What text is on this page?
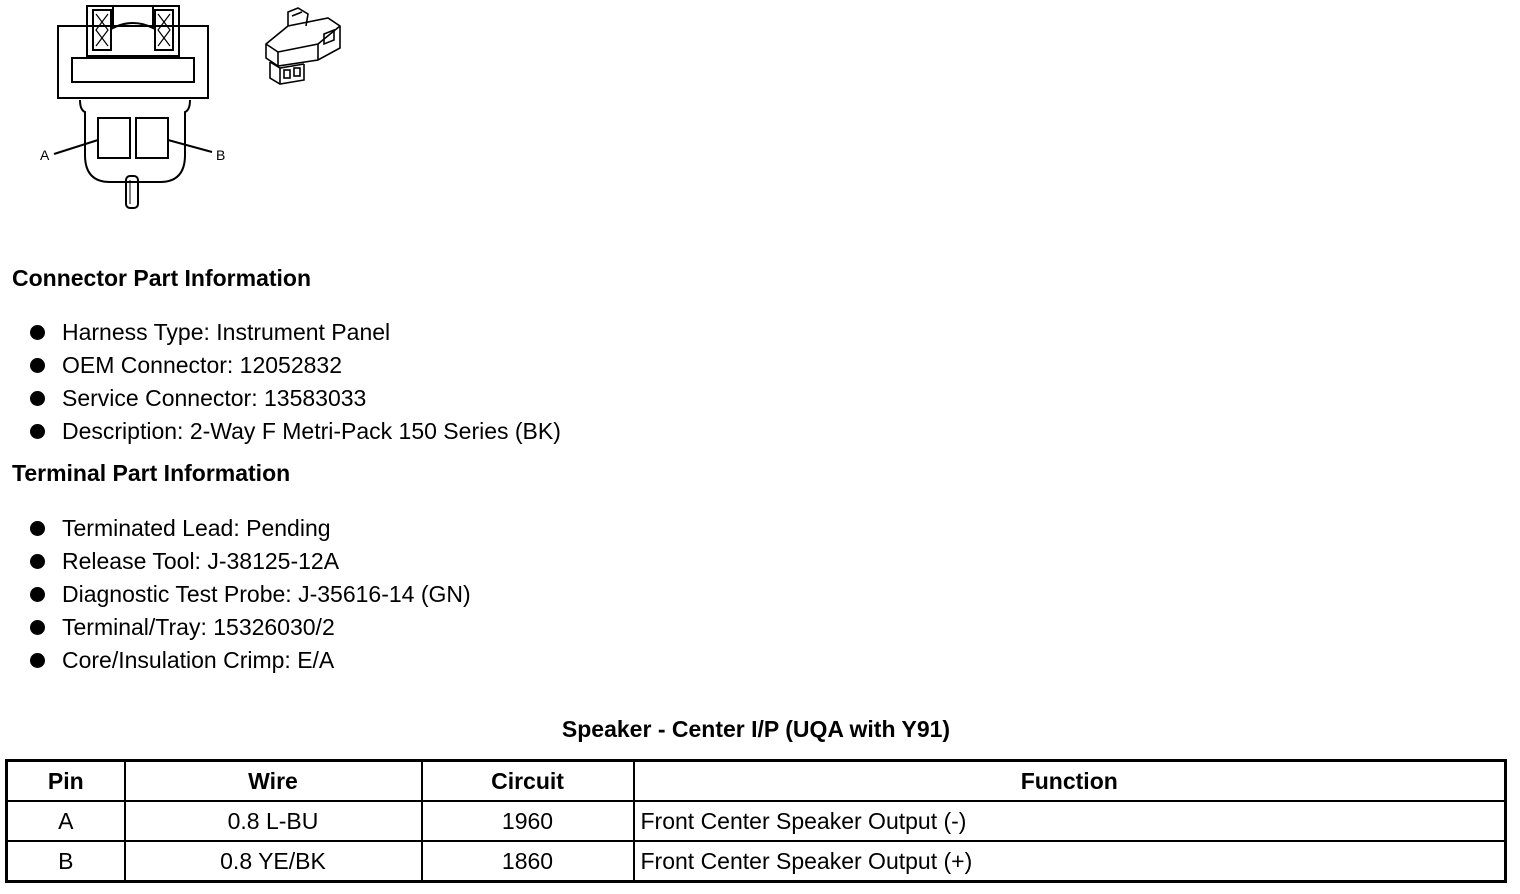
A	B
Connector Part Information
Harness Type: Instrument Panel
OEM Connector: 12052832
Service Connector: 13583033
Description: 2-Way F Metri-Pack 150 Series (BK)
Terminal Part Information
Terminated Lead: Pending
Release Tool: J-38125-12A
Diagnostic Test Probe: J-35616-14 (GN)
Terminal/Tray: 15326030/2
Core/Insulation Crimp: E/A
Speaker - Center I/P (UQA with Y91)
Pin	Wire	Circuit	Function
A	0.8 L-BU	1960	Front Center Speaker Output (-)
B	0.8 YE/BK	1860	Front Center Speaker Output (+)
